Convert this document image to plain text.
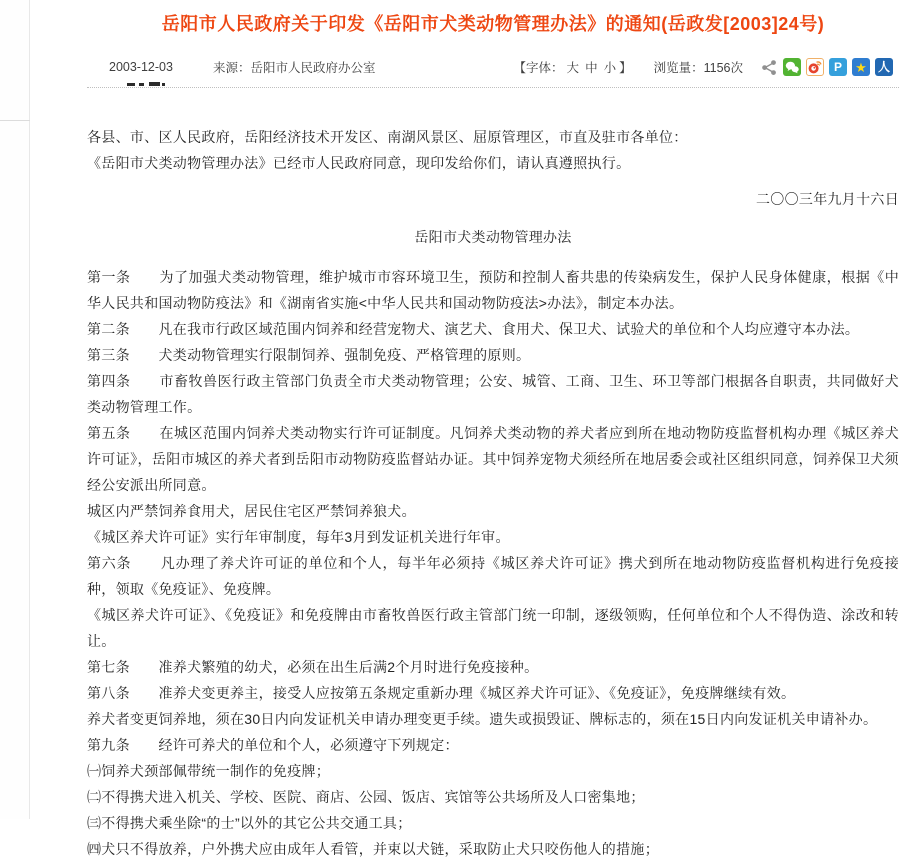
岳阳市人民政府关于印发《岳阳市犬类动物管理办法》的通知(岳政发[2003]24号)
2003-12-03	来源：岳阳市人民政府办公室	【字体： 大 中 小 】 浏览量：1156次	P ★ 人

各县、市、区人民政府，岳阳经济技术开发区、南湖风景区、屈原管理区，市直及驻市各单位：

《岳阳市犬类动物管理办法》已经市人民政府同意，现印发给你们，请认真遵照执行。

二〇〇三年九月十六日

岳阳市犬类动物管理办法

第一条　　为了加强犬类动物管理，维护城市市容环境卫生，预防和控制人畜共患的传染病发生，保护人民身体健康，根据《中华人民共和国动物防疫法》和《湖南省实施<中华人民共和国动物防疫法>办法》，制定本办法。

第二条　　凡在我市行政区域范围内饲养和经营宠物犬、演艺犬、食用犬、保卫犬、试验犬的单位和个人均应遵守本办法。

第三条　　犬类动物管理实行限制饲养、强制免疫、严格管理的原则。

第四条　　市畜牧兽医行政主管部门负责全市犬类动物管理；公安、城管、工商、卫生、环卫等部门根据各自职责，共同做好犬类动物管理工作。

第五条　　在城区范围内饲养犬类动物实行许可证制度。凡饲养犬类动物的养犬者应到所在地动物防疫监督机构办理《城区养犬许可证》，岳阳市城区的养犬者到岳阳市动物防疫监督站办证。其中饲养宠物犬须经所在地居委会或社区组织同意，饲养保卫犬须经公安派出所同意。

城区内严禁饲养食用犬，居民住宅区严禁饲养狼犬。

《城区养犬许可证》实行年审制度，每年3月到发证机关进行年审。

第六条　　凡办理了养犬许可证的单位和个人，每半年必须持《城区养犬许可证》携犬到所在地动物防疫监督机构进行免疫接种，领取《免疫证》、免疫牌。

《城区养犬许可证》、《免疫证》和免疫牌由市畜牧兽医行政主管部门统一印制，逐级领购，任何单位和个人不得伪造、涂改和转让。

第七条　　准养犬繁殖的幼犬，必须在出生后满2个月时进行免疫接种。

第八条　　准养犬变更养主，接受人应按第五条规定重新办理《城区养犬许可证》、《免疫证》，免疫牌继续有效。

养犬者变更饲养地，须在30日内向发证机关申请办理变更手续。遗失或损毁证、牌标志的，须在15日内向发证机关申请补办。

第九条　　经许可养犬的单位和个人，必须遵守下列规定：

㈠饲养犬颈部佩带统一制作的免疫牌；

㈡不得携犬进入机关、学校、医院、商店、公园、饭店、宾馆等公共场所及人口密集地；

㈢不得携犬乘坐除“的士”以外的其它公共交通工具；

㈣犬只不得放养，户外携犬应由成年人看管，并束以犬链，采取防止犬只咬伤他人的措施；
